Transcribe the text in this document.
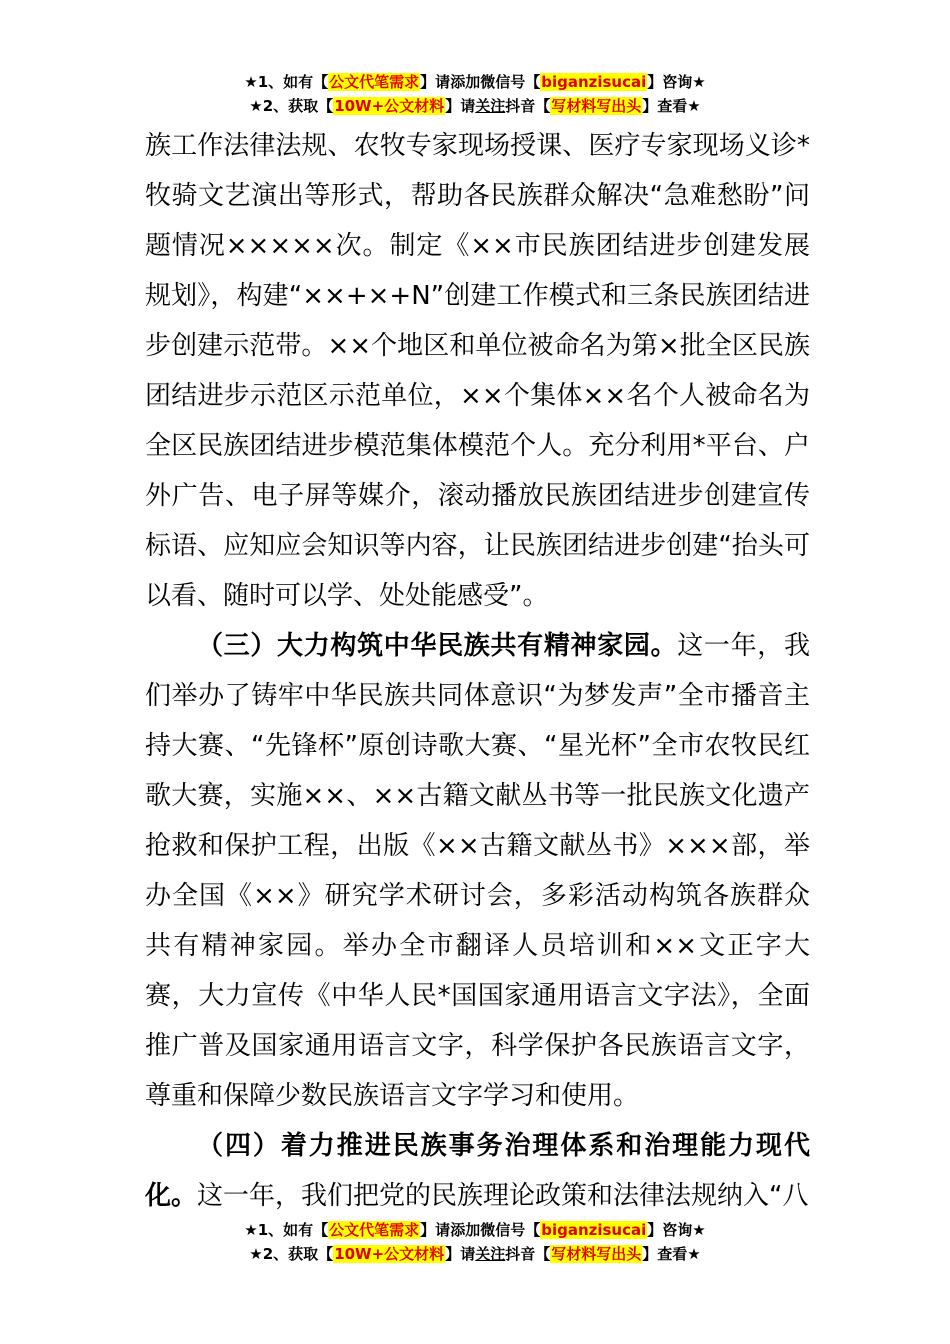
★1、如有【公文代笔需求】请添加微信号【biganzisucai】咨询★
★2、获取【10W+公文材料】请关注抖音【写材料写出头】查看★

族工作法律法规、农牧专家现场授课、医疗专家现场义诊*牧骑文艺演出等形式，帮助各民族群众解决“急难愁盼”问题情况×××××次。制定《××市民族团结进步创建发展规划》，构建“××+×+N”创建工作模式和三条民族团结进步创建示范带。××个地区和单位被命名为第×批全区民族团结进步示范区示范单位，××个集体××名个人被命名为全区民族团结进步模范集体模范个人。充分利用*平台、户外广告、电子屏等媒介，滚动播放民族团结进步创建宣传标语、应知应会知识等内容，让民族团结进步创建“抬头可以看、随时可以学、处处能感受”。

（三）大力构筑中华民族共有精神家园。这一年，我们举办了铸牢中华民族共同体意识“为梦发声”全市播音主持大赛、“先锋杯”原创诗歌大赛、“星光杯”全市农牧民红歌大赛，实施××、××古籍文献丛书等一批民族文化遗产抢救和保护工程，出版《××古籍文献丛书》×××部，举办全国《××》研究学术研讨会，多彩活动构筑各族群众共有精神家园。举办全市翻译人员培训和××文正字大赛，大力宣传《中华人民*国国家通用语言文字法》，全面推广普及国家通用语言文字，科学保护各民族语言文字，尊重和保障少数民族语言文字学习和使用。

（四）着力推进民族事务治理体系和治理能力现代化。这一年，我们把党的民族理论政策和法律法规纳入“八

★1、如有【公文代笔需求】请添加微信号【biganzisucai】咨询★
★2、获取【10W+公文材料】请关注抖音【写材料写出头】查看★
